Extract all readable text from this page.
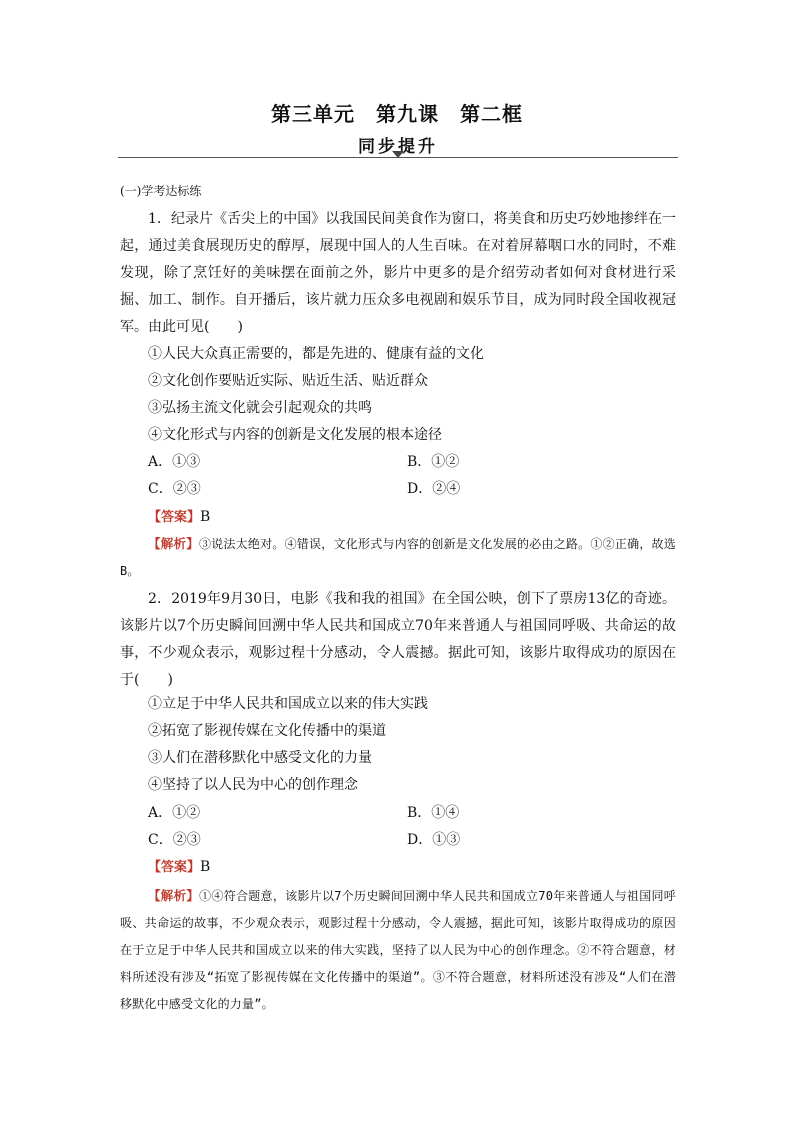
第三单元　第九课　第二框
同步提升

(一)学考达标练

1．纪录片《舌尖上的中国》以我国民间美食作为窗口，将美食和历史巧妙地掺绊在一起，通过美食展现历史的醇厚，展现中国人的人生百味。在对着屏幕咽口水的同时，不难发现，除了烹饪好的美味摆在面前之外，影片中更多的是介绍劳动者如何对食材进行采掘、加工、制作。自开播后，该片就力压众多电视剧和娱乐节目，成为同时段全国收视冠军。由此可见(　　)

①人民大众真正需要的，都是先进的、健康有益的文化

②文化创作要贴近实际、贴近生活、贴近群众

③弘扬主流文化就会引起观众的共鸣

④文化形式与内容的创新是文化发展的根本途径

A．①③	B．①②
C．②③	D．②④
【答案】B
【解析】③说法太绝对。④错误，文化形式与内容的创新是文化发展的必由之路。①②正确，故选B。

2．2019年9月30日，电影《我和我的祖国》在全国公映，创下了票房13亿的奇迹。该影片以7个历史瞬间回溯中华人民共和国成立70年来普通人与祖国同呼吸、共命运的故事，不少观众表示，观影过程十分感动，令人震撼。据此可知，该影片取得成功的原因在于(　　)

①立足于中华人民共和国成立以来的伟大实践

②拓宽了影视传媒在文化传播中的渠道

③人们在潜移默化中感受文化的力量

④坚持了以人民为中心的创作理念

A．①②	B．①④
C．②③	D．①③
【答案】B
【解析】①④符合题意，该影片以7个历史瞬间回溯中华人民共和国成立70年来普通人与祖国同呼吸、共命运的故事，不少观众表示，观影过程十分感动，令人震撼，据此可知，该影片取得成功的原因在于立足于中华人民共和国成立以来的伟大实践，坚持了以人民为中心的创作理念。②不符合题意，材料所述没有涉及“拓宽了影视传媒在文化传播中的渠道”。③不符合题意，材料所述没有涉及“人们在潜移默化中感受文化的力量”。
